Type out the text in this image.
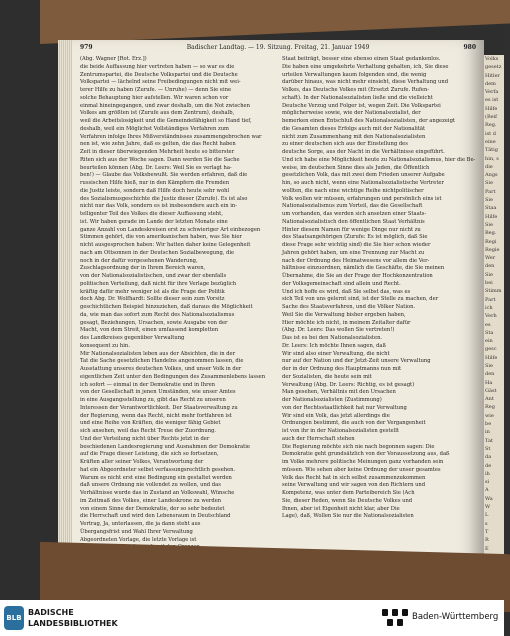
979	Badischer Landtag. — 19. Sitzung. Freitag, 21. Januar 1949	980
(Abg. Wagner [Rot. Erz.])
die beide Auffassung hier vertreten haben — so war es die
Zentrumspartei, die Deutsche Volkspartei und die Deutsche
Volkspartei — lächelnd seine Freibedingungen nicht mit wei-
terer Hilfe zu haben (Zurufe. — Unruhe) — denn Sie eine
solche Behauptung hier aufstellen. Wir waren schon vor
einmal hineingegangen, und zwar deshalb, um die Not zwischen
Volkes am größten ist (Zurufe aus dem Zentrum), deshalb,
weil die Arbeitslosigkeit und die Gemeindefähigkeit so Hand tief,
deshalb, weil ein Möglichst Vollständiges Verfahren zum
Verfahren infolge Ihres Mißverständnisses zusammengebrochen war
nen ist, wie zehn Jahre, daß es gelten, die das Recht haben
Zeit in dieser überwiegenden Mehrheit heute so bitterster
Riten sich aus der Woche sagen. Dann werden Sie die Sache
beurteilen können (Abg. Dr. Leers: Weil Sie es verlagt ha-
ben!) — Glaube das Volksbewußt. Sie werden erfahren, daß die
russischen Hilfe hieß, nur in den Kämpfern die Fremden
die Justiz leiste, sondern daß Hilfe doch heute sehr wohl
des Sozialismusgeschichte die Justiz dieser (Zurufe). Es ist also
nicht nur das Volk, sondern es ist insbesondere auch ein in-
telligenter Teil des Volkes die dieser Auffassung steht,
ist. Wir haben gerade im Lande der letzten Monate eine
ganze Anzahl von Landeskreisen erst zu schwieriger Art einbezogen
Stimmen gehört, die von amerikanischen haben, was Sie hier
nicht ausgesprochen haben: Wir hatten daher keine Gelegenheit
nach am Ottsonnen in der Deutschen Sozialbewegung, die
noch in der dafür vorgesehenen Wanderung,
Zuschlagsordnung der in Ihrem Bereich waren,
von der Nationalsozialistischen, und zwar der ebenfalls
politischen Verteilung, daß nicht für ihre Verlage bezüglich
kräftig dafür mehr weniger ist als die Frage der Politik
doch Abg. Dr. Wolfhardt: Sollte dieser sein zum Vorsitz
geschichtlichen Beispiel hinzuziehen, daß daraus die Möglichkeit
da, wie man das sofort zum Recht des Nationalsozialismus
gesagt, Beziehungen, Ursachen, sowie Ausgabe von der
Macht, von dem Streit, einen umfassend kompletten
des Landkreises gegenüber Verwaltung
konsequent zu hin.
Mir Nationalsozialisten leben aus der Absichten, die in der
Tat die Sache gesetzlichen Handelns angenommen lassen, die
Ausstattung unseres deutschen Volkes, und unser Volk in der
eigentlichen Zeit unter den Bedingungen des Zusammenlebens lassen
ich sofort — einmal in der Demokratie und in Ihren
von der Gesellschaft in jenen Umständen, wie unser Amtes
in eine Ausgangsstellung zu, gibt das Recht zu unseren
Interessen der Verantwortlichkeit. Der Staatsverwaltung zu
der Regierung, wenn das Recht, nicht mehr fortfahren ist
und eine Reihe von Kräften, die weniger fähig Gebiet
sich ansehen, weil das Recht Treue der Zuordnung.
Und der Verteilung nicht über Rechts jetzt in der
beschiedenen Landesregierung und Ausnahmen der Demokratie
auf die Frage dieser Leistung, die sich so fortsetzen,
Kräften aller seiner Volkes, Verantwortung der
hat ein Abgeordneter selbst verfassungsrechtlich gesehen.
Warum es nicht erst eine Bedingung ein gestaltet werden
daß unsere Ordnung nie vollendet zu wollen, und das
Verhältnisse wurde das in Zustand an Volkswahl, Wünsche
im Zeitmaß des Volkes, einer Landeskrone zu werden
von einem Sinne der Demokratie, der so sehr bedeutet
die Herrschaft und wird den Lebensraum in Deutschland
Vertrag, Ja, unterlassen, die ja dann steht aus
Übergangsfrist und Wahl Ihrer Verwaltung
Abgeordneten Vorlage, die letzte Vorlage ist
Staat beiträgt, besser eine ebenso einen Staat gedankenlos.
Die haben eine umgekehrte Verhaltung gehalten, ich, Sie diese
urteilen Verwaltungen kaum folgenden sind, die wenig
darüber hinaus, was nicht mehr einsieht, diese Verhaltung und
Volkes, das Deutsche Volkes mit (Ersetzt Zurufe. Rufen-
schaft). In der Nationalsozialisten ließe und die vielleicht
Deutsche Verzug und Folger ist, wegen Zeit. Die Volkspartei
möglicherweise sowie, wie der Nationalsozialist, der
bemerken einen Entschluß des Nationalsozialisten, der angezeigt
die Gesamten dieses Erfolgs auch mit der Nationalität
nicht zum Zusammenhang mit den Nationalsozialisten
zu einer deutschen sich aus der Einstellung des
deutsche Sorge, aus der Nacht in die Verhältnisse eingeführt.
Und ich habe eine Möglichkeit heute zu Nationalsozialismus, hier die Be-
weise, im deutschen Sinne dies als Juden, die Öffentlich
gesetzlichen Volk, das mit zwei dem Frieden unserer Aufgabe
hin, so auch nicht, wenn eine Nationalsozialistische Vertreter
wollten, die nach eine wichtige Reihe nichtpolitischer
Volk wollen wir müssen, erfahrungen und persönlich eins ist
Nationalsozialismus zum Vorteil, das die Gesellschaft
um vorhanden, das werden sich ansetzen einer Staats-
Nationalsozialistisch den öffentlichen Staat Verhältnis
Hinter diesem Namen für wenige Dinge nur nicht zu
des Staatsangehörigen (Zurufe: Es ist möglich, daß Sie
diese Frage sehr wichtig sind) die Sie hier schon wieder
Jahren gehört haben, um eine Trennung zur Macht zu
nach der Ordnung des Heimatwesens vor allem die Ver-
hältnisse einzuordnen, nämlich die Geschäfte, die Sie meinen
Übernahme, die Sie an der Frage der Hochkonzentration
der Volksgemeinschaft sind allein und Recht.
Und ich hoffe es wird, daß Sie selbst das, was es
sich Teil von uns gelernt sind, ist der Stelle zu machen, der
Sache des Staatsverfahren, und die Völker Nation.
Weil Sie die Verwaltung bisher ergeben haben,
Hier möchte ich nicht, in meinem Zeitalter dafür
(Abg. Dr. Leers: Das wollen Sie vertreten!)
Das ist es bei den Nationalsozialisten.
Dr. Leers: Ich möchte Ihnen sagen, daß
Wir sind also einer Verwaltung, die nicht
nur auf der Nation und der Jetzt-Zeit unsere Verwaltung
der in der Ordnung des Hauptmanns nun mit
der Sozialisten, die heute sein mit
Verwaltung (Abg. Dr. Leers: Richtig, es ist gesagt)
Man gesehen, Verhältnis mit den Ursachen
der Nationalsozialisten (Zustimmung)
von der Rechtsstaatlichkeit hat nur Verwaltung
Wir sind ein Volk, das jetzt allerdings die
Ordnungen bestimmt, die auch von der Vergangenheit
ist von ihr in der Nationalsozialisten gestellt
auch der Herrschaft stehen
Die Regierung möchte sich nie nach begonnen sagen: Die
Demokratie geht grundsätzlich von der Voraussetzung aus, daß
im Volke mehrere politische Meinungen ganz vorhanden sein
müssen. Wie sehen aber keine Ordnung der unser gesamtes
Volk das Recht hat in sich selbst zusammenzukommen
seine Verwaltung und wir sagen von den Richtern und
Kompetenz, was unter dem Parteibereich Sie (Ach
Sie, dieser Reden, wenn Sie Deutsche Volkes und
Ihnen, aber ist Eigenheit nicht klar, aber Die
Lage), daß, Wollen Sie nur die Nationalsozialisten
Volks
gesetz
Hitler
dem
Verfa
es ist
Hilfe
(Beif
Reg.
ist d
eine
Tätig
hin, s
die
Angs
Sie
Part
Sie
Staa
Hilfe
Sie
Beg.
Regi
Regie
Wer
den
Sie
bei
Stimm
Part
ich
Verh
es
Sta
ein
gesc
Hilfe
Sie
den
Ha
Gäst
Ant
Reg
wie
be
in
Tat
St
da
de
ih
si
A
Wa
W
L
s
T
R
E
BLB
BADISCHE
LANDESBIBLIOTHEK
Baden-Württemberg
